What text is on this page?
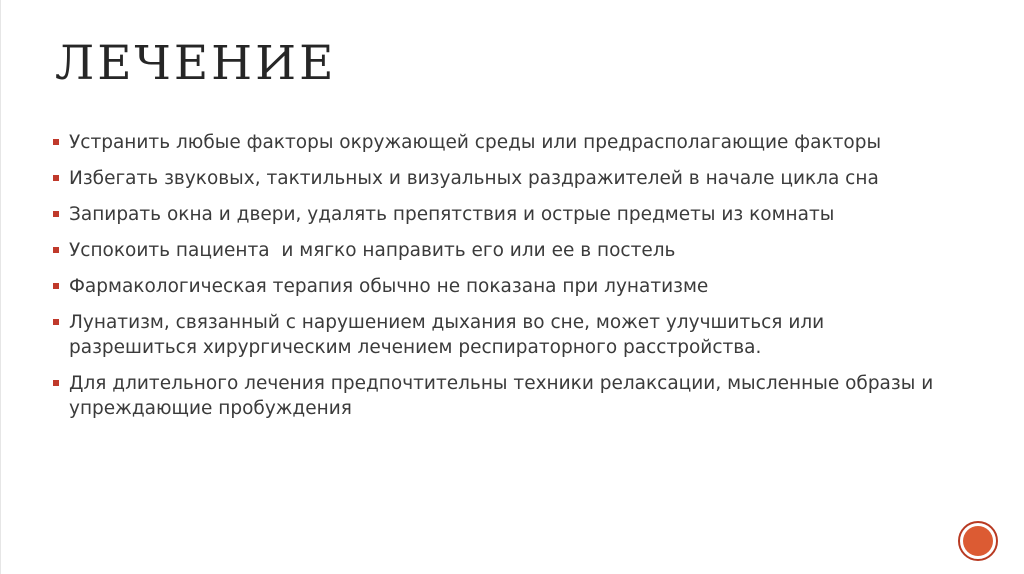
ЛЕЧЕНИЕ
Устранить любые факторы окружающей среды или предрасполагающие факторы
Избегать звуковых, тактильных и визуальных раздражителей в начале цикла сна
Запирать окна и двери, удалять препятствия и острые предметы из комнаты
Успокоить пациента  и мягко направить его или ее в постель
Фармакологическая терапия обычно не показана при лунатизме
Лунатизм, связанный с нарушением дыхания во сне, может улучшиться или разрешиться хирургическим лечением респираторного расстройства.
Для длительного лечения предпочтительны техники релаксации, мысленные образы и упреждающие пробуждения
